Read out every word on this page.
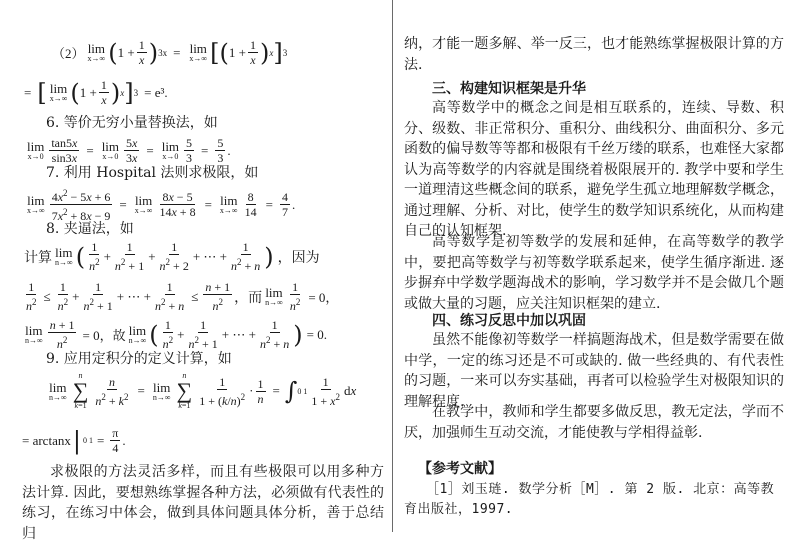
（2） lim
x→∞ ( $1 + \frac{1}{x}$ ) 3x = lim
x→∞ [ ( $1 + \frac{1}{x}$ ) x ] 3
= [ lim
x→∞ ( $1 + \frac{1}{x}$ ) x ] 3 = e³.
6. 等价无穷小量替换法，如
lim
$x\to 0 \frac{\tan 5x}{\sin 3x} = \lim$
$x\to 0 \frac{5x}{3x} = \lim$
$x\to 0 \frac{5}{3} = \frac{5}{3}$ .
7. 利用 Hospital 法则求极限，如
lim
$x\to\infty \frac{4x^2 - 5x + 6}{7x^2 + 8x - 9} = \lim$
$x\to\infty \frac{8x - 5}{14x + 8} = \lim$
$x\to\infty \frac{8}{14} = \frac{4}{7}$ .
8. 夹逼法，如
计算 lim
n→∞ ( $\frac{1}{n^2} + \frac{1}{n^2 + 1} + \frac{1}{n^2 + 2}$ + ⋯ + $\frac{1}{n^2 + n}$ ) ，因为
$\frac{1}{n^2} \le \frac{1}{n^2} + \frac{1}{n^2 + 1}$ + ⋯ + $\frac{1}{n^2 + n} \le \frac{n + 1}{n^2}$ ，而 lim
$n\to\infty \frac{1}{n^2} = 0$，
lim
$n\to\infty \frac{n + 1}{n^2} = 0$，故 lim
n→∞ ( $\frac{1}{n^2} + \frac{1}{n^2 + 1}$ + ⋯ + $\frac{1}{n^2 + n}$ ) = 0.
9. 应用定积分的定义计算，如
lim
n→∞
n
∑
$k=1 \frac{n}{n^2 + k^2} = \lim$
n→∞
n
∑
$k=1 \frac{1}{1 + (k/n)^2} \cdot \frac{1}{n}$ = ∫ 0 $1 \frac{1}{1 + x^2}$ dx
= arctanx | 0 $1 = \frac{\pi}{4}$ .
求极限的方法灵活多样，而且有些极限可以用多种方法计算. 因此，要想熟练掌握各种方法，必须做有代表性的练习，在练习中体会，做到具体问题具体分析，善于总结归
纳，才能一题多解、举一反三，也才能熟练掌握极限计算的方法.
三、构建知识框架是升华
高等数学中的概念之间是相互联系的，连续、导数、积分、级数、非正常积分、重积分、曲线积分、曲面积分、多元函数的偏导数等等都和极限有千丝万缕的联系，也难怪大家都认为高等数学的内容就是围绕着极限展开的. 教学中要和学生一道理清这些概念间的联系，避免学生孤立地理解数学概念，通过理解、分析、对比，使学生的数学知识系统化，从而构建自己的认知框架.
高等数学是初等数学的发展和延伸，在高等数学的教学中，要把高等数学与初等数学联系起来，使学生循序渐进. 逐步摒弃中学数学题海战术的影响，学习数学并不是会做几个题或做大量的习题，应关注知识框架的建立.
四、练习反思中加以巩固
虽然不能像初等数学一样搞题海战术，但是数学需要在做中学，一定的练习还是不可或缺的. 做一些经典的、有代表性的习题，一来可以夯实基础，再者可以检验学生对极限知识的理解程度.
在教学中，教师和学生都要多做反思，教无定法，学而不厌，加强师生互动交流，才能使教与学相得益彰.
【参考文献】
［1］刘玉琏. 数学分析［M］. 第 2 版. 北京：高等教育出版社，1997.
